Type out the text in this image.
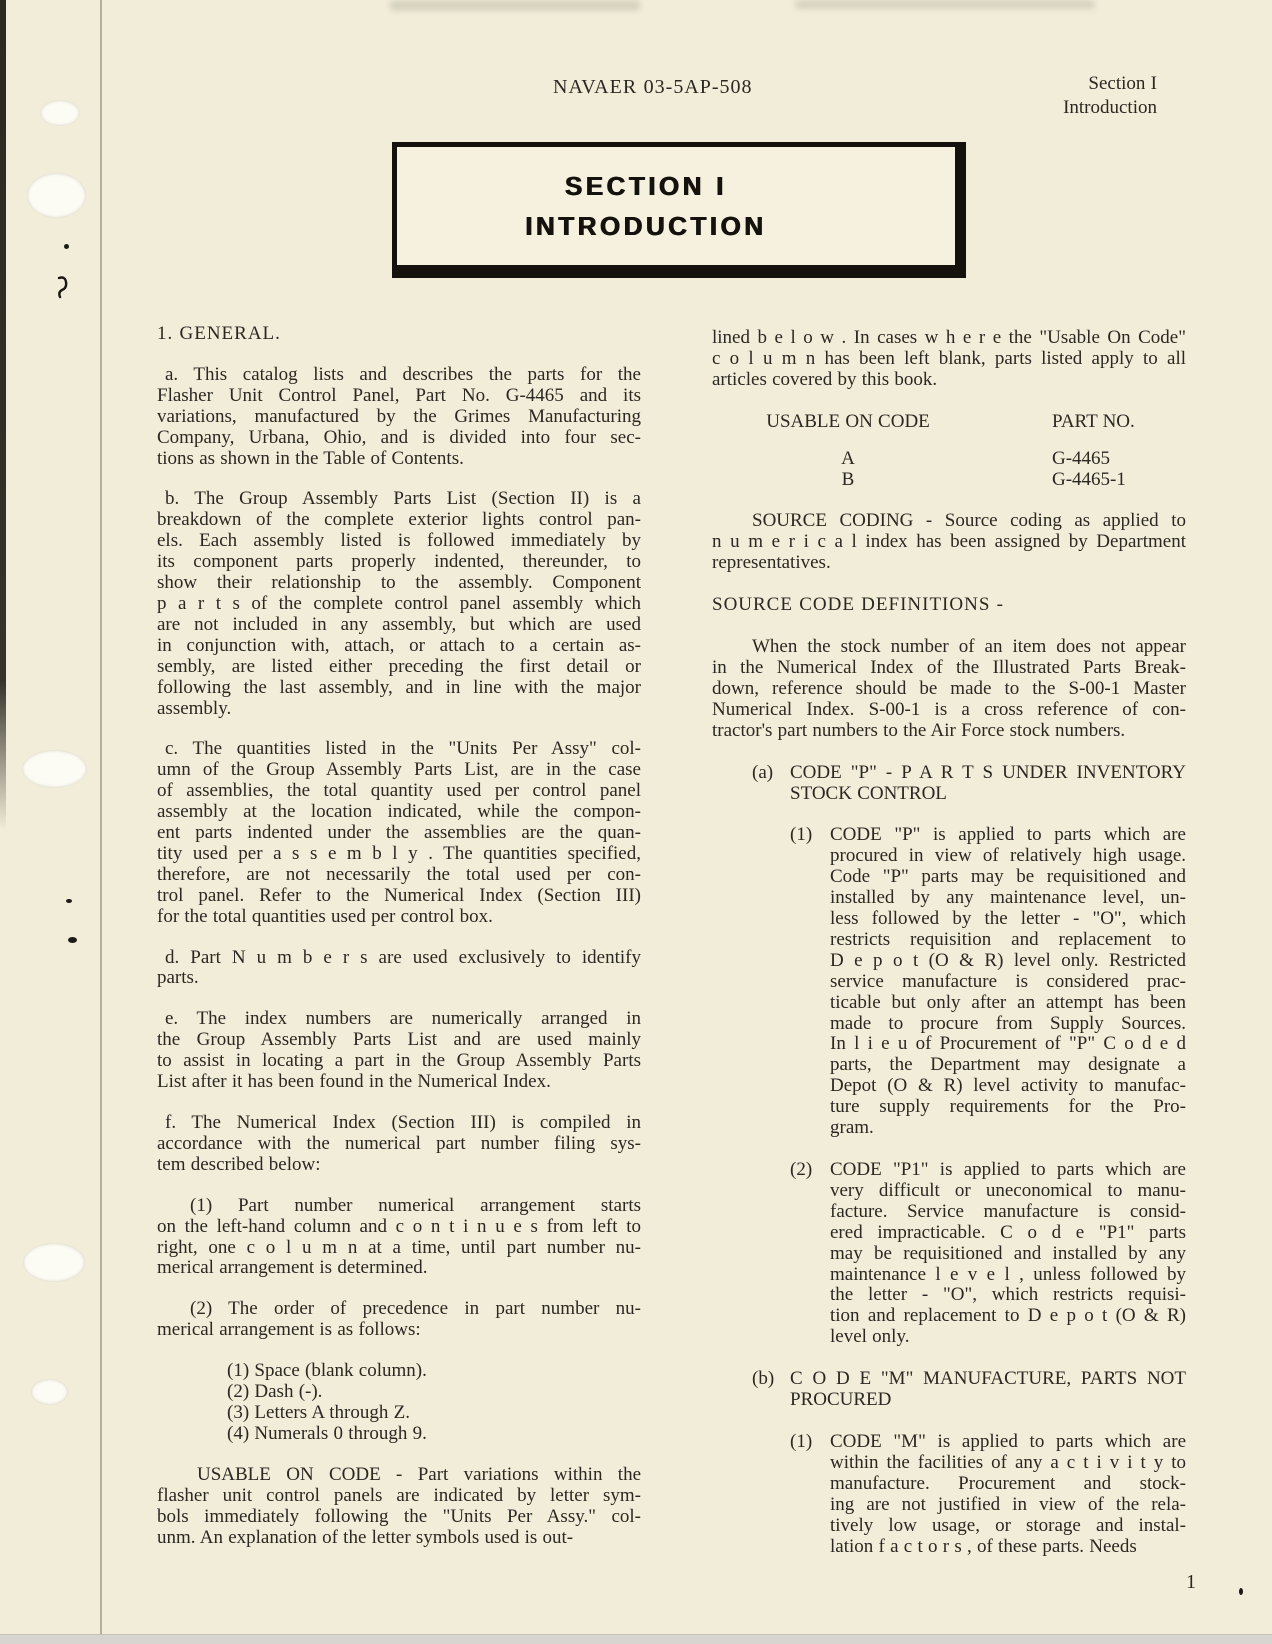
NAVAER 03-5AP-508	Section I
Introduction
SECTION I
INTRODUCTION
1. GENERAL.
a. This catalog lists and describes the parts for the
Flasher Unit Control Panel, Part No. G-4465 and its
variations, manufactured by the Grimes Manufacturing
Company, Urbana, Ohio, and is divided into four sec-
tions as shown in the Table of Contents.
b. The Group Assembly Parts List (Section II) is a
breakdown of the complete exterior lights control pan-
els. Each assembly listed is followed immediately by
its component parts properly indented, thereunder, to
show their relationship to the assembly. Component
p a r t s of the complete control panel assembly which
are not included in any assembly, but which are used
in conjunction with, attach, or attach to a certain as-
sembly, are listed either preceding the first detail or
following the last assembly, and in line with the major
assembly.
c. The quantities listed in the "Units Per Assy" col-
umn of the Group Assembly Parts List, are in the case
of assemblies, the total quantity used per control panel
assembly at the location indicated, while the compon-
ent parts indented under the assemblies are the quan-
tity used per a s s e m b l y . The quantities specified,
therefore, are not necessarily the total used per con-
trol panel. Refer to the Numerical Index (Section III)
for the total quantities used per control box.
d. Part N u m b e r s are used exclusively to identify
parts.
e. The index numbers are numerically arranged in
the Group Assembly Parts List and are used mainly
to assist in locating a part in the Group Assembly Parts
List after it has been found in the Numerical Index.
f. The Numerical Index (Section III) is compiled in
accordance with the numerical part number filing sys-
tem described below:
(1) Part number numerical arrangement starts
on the left-hand column and c o n t i n u e s from left to
right, one c o l u m n at a time, until part number nu-
merical arrangement is determined.
(2) The order of precedence in part number nu-
merical arrangement is as follows:
(1) Space (blank column).
(2) Dash (-).
(3) Letters A through Z.
(4) Numerals 0 through 9.
USABLE ON CODE - Part variations within the
flasher unit control panels are indicated by letter sym-
bols immediately following the "Units Per Assy." col-
unm. An explanation of the letter symbols used is out-
lined b e l o w . In cases w h e r e the "Usable On Code"
c o l u m n has been left blank, parts listed apply to all
articles covered by this book.
USABLE ON CODE	PART NO.
A	G-4465
B	G-4465-1
SOURCE CODING - Source coding as applied to
n u m e r i c a l index has been assigned by Department
representatives.
SOURCE CODE DEFINITIONS -
When the stock number of an item does not appear
in the Numerical Index of the Illustrated Parts Break-
down, reference should be made to the S-00-1 Master
Numerical Index. S-00-1 is a cross reference of con-
tractor's part numbers to the Air Force stock numbers.
(a) CODE "P" - P A R T S UNDER INVENTORY
STOCK CONTROL
(1) CODE "P" is applied to parts which are
procured in view of relatively high usage.
Code "P" parts may be requisitioned and
installed by any maintenance level, un-
less followed by the letter - "O", which
restricts requisition and replacement to
D e p o t (O & R) level only. Restricted
service manufacture is considered prac-
ticable but only after an attempt has been
made to procure from Supply Sources.
In l i e u of Procurement of "P" C o d e d
parts, the Department may designate a
Depot (O & R) level activity to manufac-
ture supply requirements for the Pro-
gram.
(2) CODE "P1" is applied to parts which are
very difficult or uneconomical to manu-
facture. Service manufacture is consid-
ered impracticable. C o d e "P1" parts
may be requisitioned and installed by any
maintenance l e v e l , unless followed by
the letter - "O", which restricts requisi-
tion and replacement to D e p o t (O & R)
level only.
(b) C O D E "M" MANUFACTURE, PARTS NOT
PROCURED
(1) CODE "M" is applied to parts which are
within the facilities of any a c t i v i t y to
manufacture. Procurement and stock-
ing are not justified in view of the rela-
tively low usage, or storage and instal-
lation f a c t o r s , of these parts. Needs
1
